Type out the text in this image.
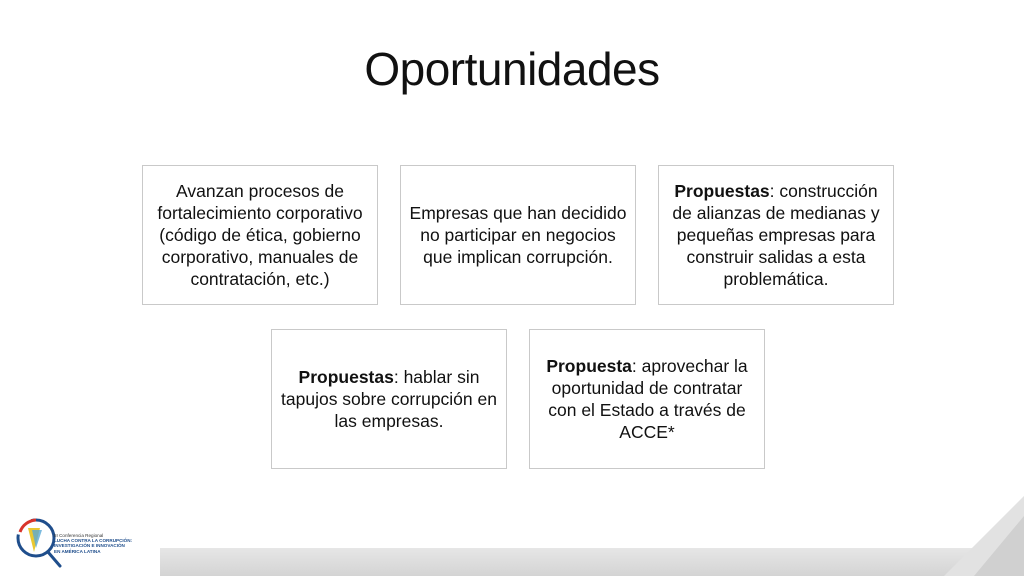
Oportunidades
Avanzan procesos de fortalecimiento corporativo (código de ética, gobierno corporativo, manuales de contratación, etc.)
Empresas que han decidido no participar en negocios que implican corrupción.
Propuestas: construcción de alianzas de medianas y pequeñas empresas para construir salidas a esta problemática.
Propuestas: hablar sin tapujos sobre corrupción en las empresas.
Propuesta: aprovechar la oportunidad de contratar con el Estado a través de ACCE*
III Conferencia Regional
LUCHA CONTRA LA CORRUPCIÓN:
INVESTIGACIÓN E INNOVACIÓN
EN AMÉRICA LATINA
